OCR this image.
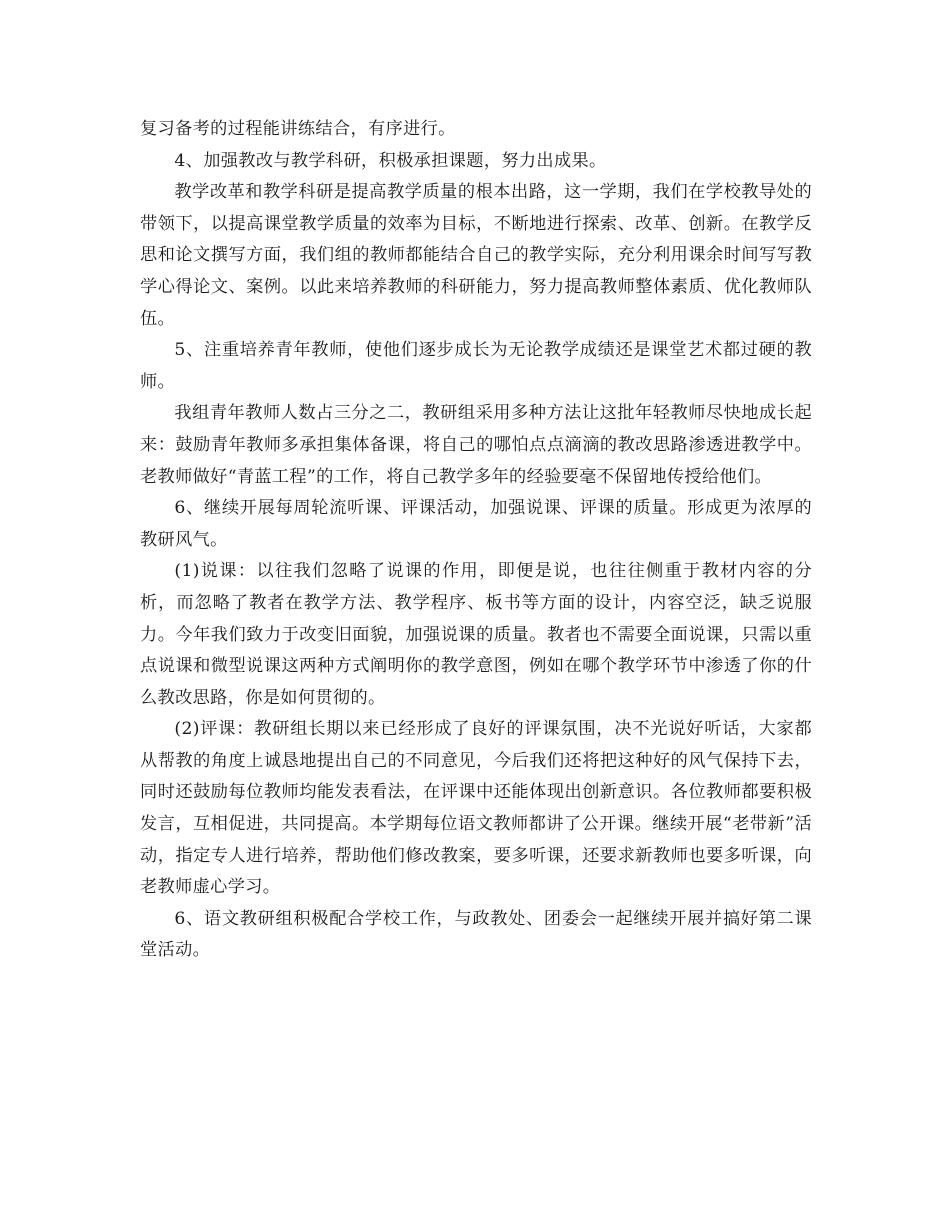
复习备考的过程能讲练结合，有序进行。

4、加强教改与教学科研，积极承担课题，努力出成果。

教学改革和教学科研是提高教学质量的根本出路，这一学期，我们在学校教导处的带领下，以提高课堂教学质量的效率为目标，不断地进行探索、改革、创新。在教学反思和论文撰写方面，我们组的教师都能结合自己的教学实际，充分利用课余时间写写教学心得论文、案例。以此来培养教师的科研能力，努力提高教师整体素质、优化教师队伍。

5、注重培养青年教师，使他们逐步成长为无论教学成绩还是课堂艺术都过硬的教师。

我组青年教师人数占三分之二，教研组采用多种方法让这批年轻教师尽快地成长起来：鼓励青年教师多承担集体备课，将自己的哪怕点点滴滴的教改思路渗透进教学中。老教师做好“青蓝工程”的工作，将自己教学多年的经验要毫不保留地传授给他们。

6、继续开展每周轮流听课、评课活动，加强说课、评课的质量。形成更为浓厚的教研风气。

(1)说课：以往我们忽略了说课的作用，即便是说，也往往侧重于教材内容的分析，而忽略了教者在教学方法、教学程序、板书等方面的设计，内容空泛，缺乏说服力。今年我们致力于改变旧面貌，加强说课的质量。教者也不需要全面说课，只需以重点说课和微型说课这两种方式阐明你的教学意图，例如在哪个教学环节中渗透了你的什么教改思路，你是如何贯彻的。

(2)评课：教研组长期以来已经形成了良好的评课氛围，决不光说好听话，大家都从帮教的角度上诚恳地提出自己的不同意见，今后我们还将把这种好的风气保持下去，同时还鼓励每位教师均能发表看法，在评课中还能体现出创新意识。各位教师都要积极发言，互相促进，共同提高。本学期每位语文教师都讲了公开课。继续开展“老带新”活动，指定专人进行培养，帮助他们修改教案，要多听课，还要求新教师也要多听课，向老教师虚心学习。

6、语文教研组积极配合学校工作，与政教处、团委会一起继续开展并搞好第二课堂活动。
